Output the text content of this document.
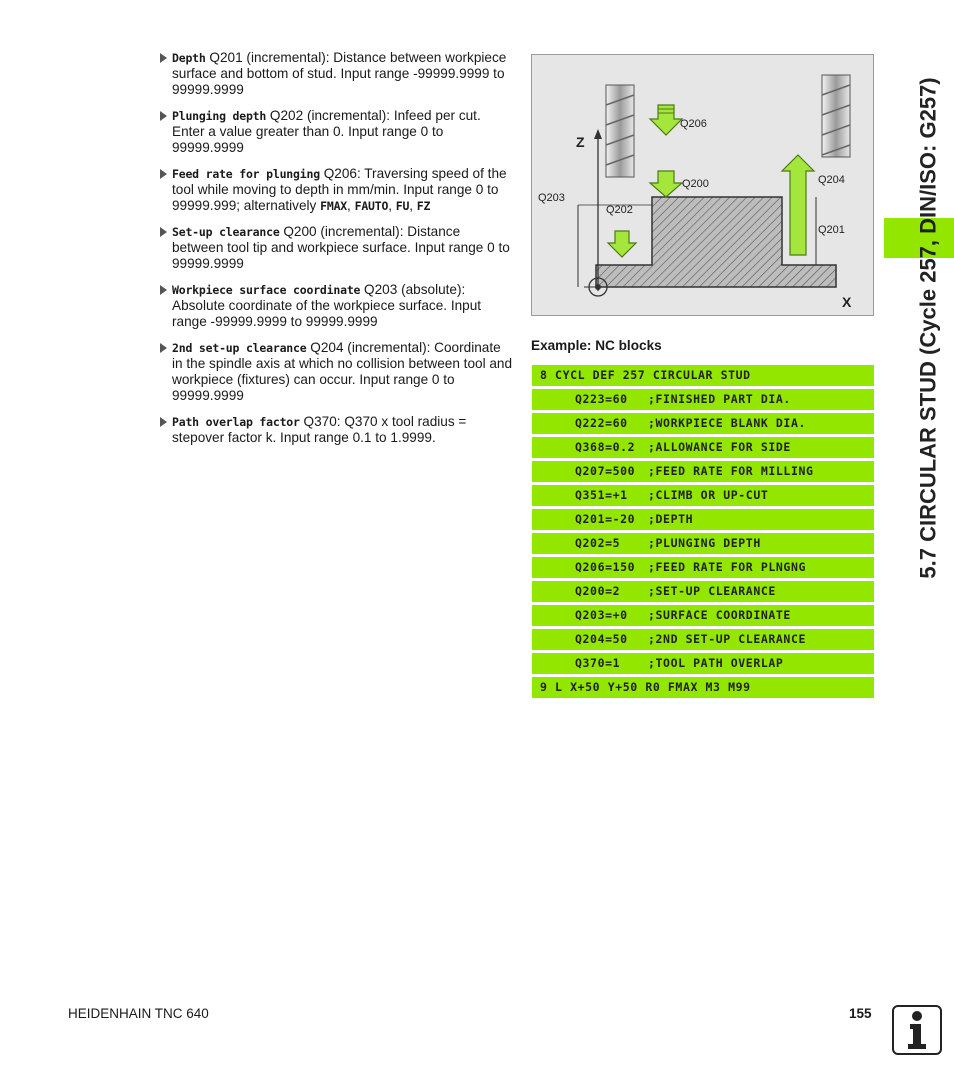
Depth Q201 (incremental): Distance between workpiece surface and bottom of stud. Input range -99999.9999 to 99999.9999
Plunging depth Q202 (incremental): Infeed per cut. Enter a value greater than 0. Input range 0 to 99999.9999
Feed rate for plunging Q206: Traversing speed of the tool while moving to depth in mm/min. Input range 0 to 99999.999; alternatively FMAX, FAUTO, FU, FZ
Set-up clearance Q200 (incremental): Distance between tool tip and workpiece surface. Input range 0 to 99999.9999
Workpiece surface coordinate Q203 (absolute): Absolute coordinate of the workpiece surface. Input range -99999.9999 to 99999.9999
2nd set-up clearance Q204 (incremental): Coordinate in the spindle axis at which no collision between tool and workpiece (fixtures) can occur. Input range 0 to 99999.9999
Path overlap factor Q370: Q370 x tool radius = stepover factor k. Input range 0.1 to 1.9999.
Z
X
Q206
Q200
Q203
Q202
Q204
Q201
Example: NC blocks
8 CYCL DEF 257 CIRCULAR STUD
Q223=60 ;FINISHED PART DIA.
Q222=60 ;WORKPIECE BLANK DIA.
Q368=0.2 ;ALLOWANCE FOR SIDE
Q207=500 ;FEED RATE FOR MILLING
Q351=+1 ;CLIMB OR UP-CUT
Q201=-20 ;DEPTH
Q202=5 ;PLUNGING DEPTH
Q206=150 ;FEED RATE FOR PLNGNG
Q200=2 ;SET-UP CLEARANCE
Q203=+0 ;SURFACE COORDINATE
Q204=50 ;2ND SET-UP CLEARANCE
Q370=1 ;TOOL PATH OVERLAP
9 L X+50 Y+50 R0 FMAX M3 M99
5.7 CIRCULAR STUD (Cycle 257, DIN/ISO: G257)
HEIDENHAIN TNC 640	155
